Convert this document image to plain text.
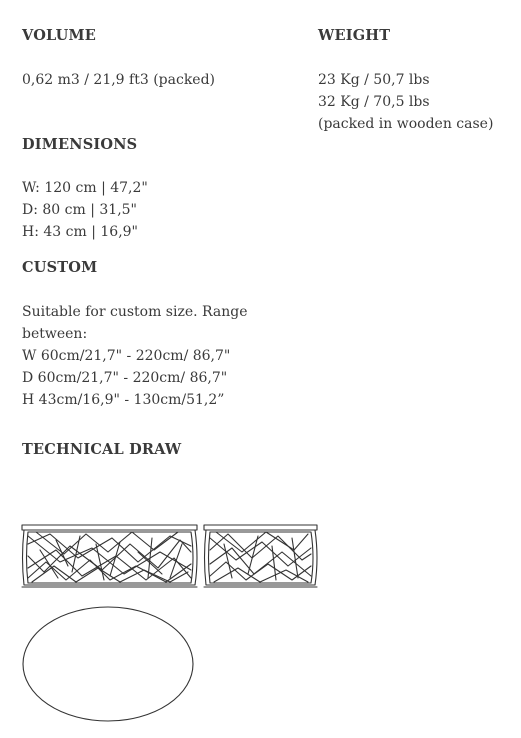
VOLUME
0,62 m3 / 21,9 ft3 (packed)
WEIGHT
23 Kg / 50,7 lbs
32 Kg / 70,5 lbs
(packed in wooden case)
DIMENSIONS
W: 120 cm | 47,2"
D: 80 cm | 31,5"
H: 43 cm | 16,9"
CUSTOM
Suitable for custom size. Range
between:
W 60cm/21,7" - 220cm/ 86,7"
D 60cm/21,7" - 220cm/ 86,7"
H 43cm/16,9" - 130cm/51,2”
TECHNICAL DRAW
